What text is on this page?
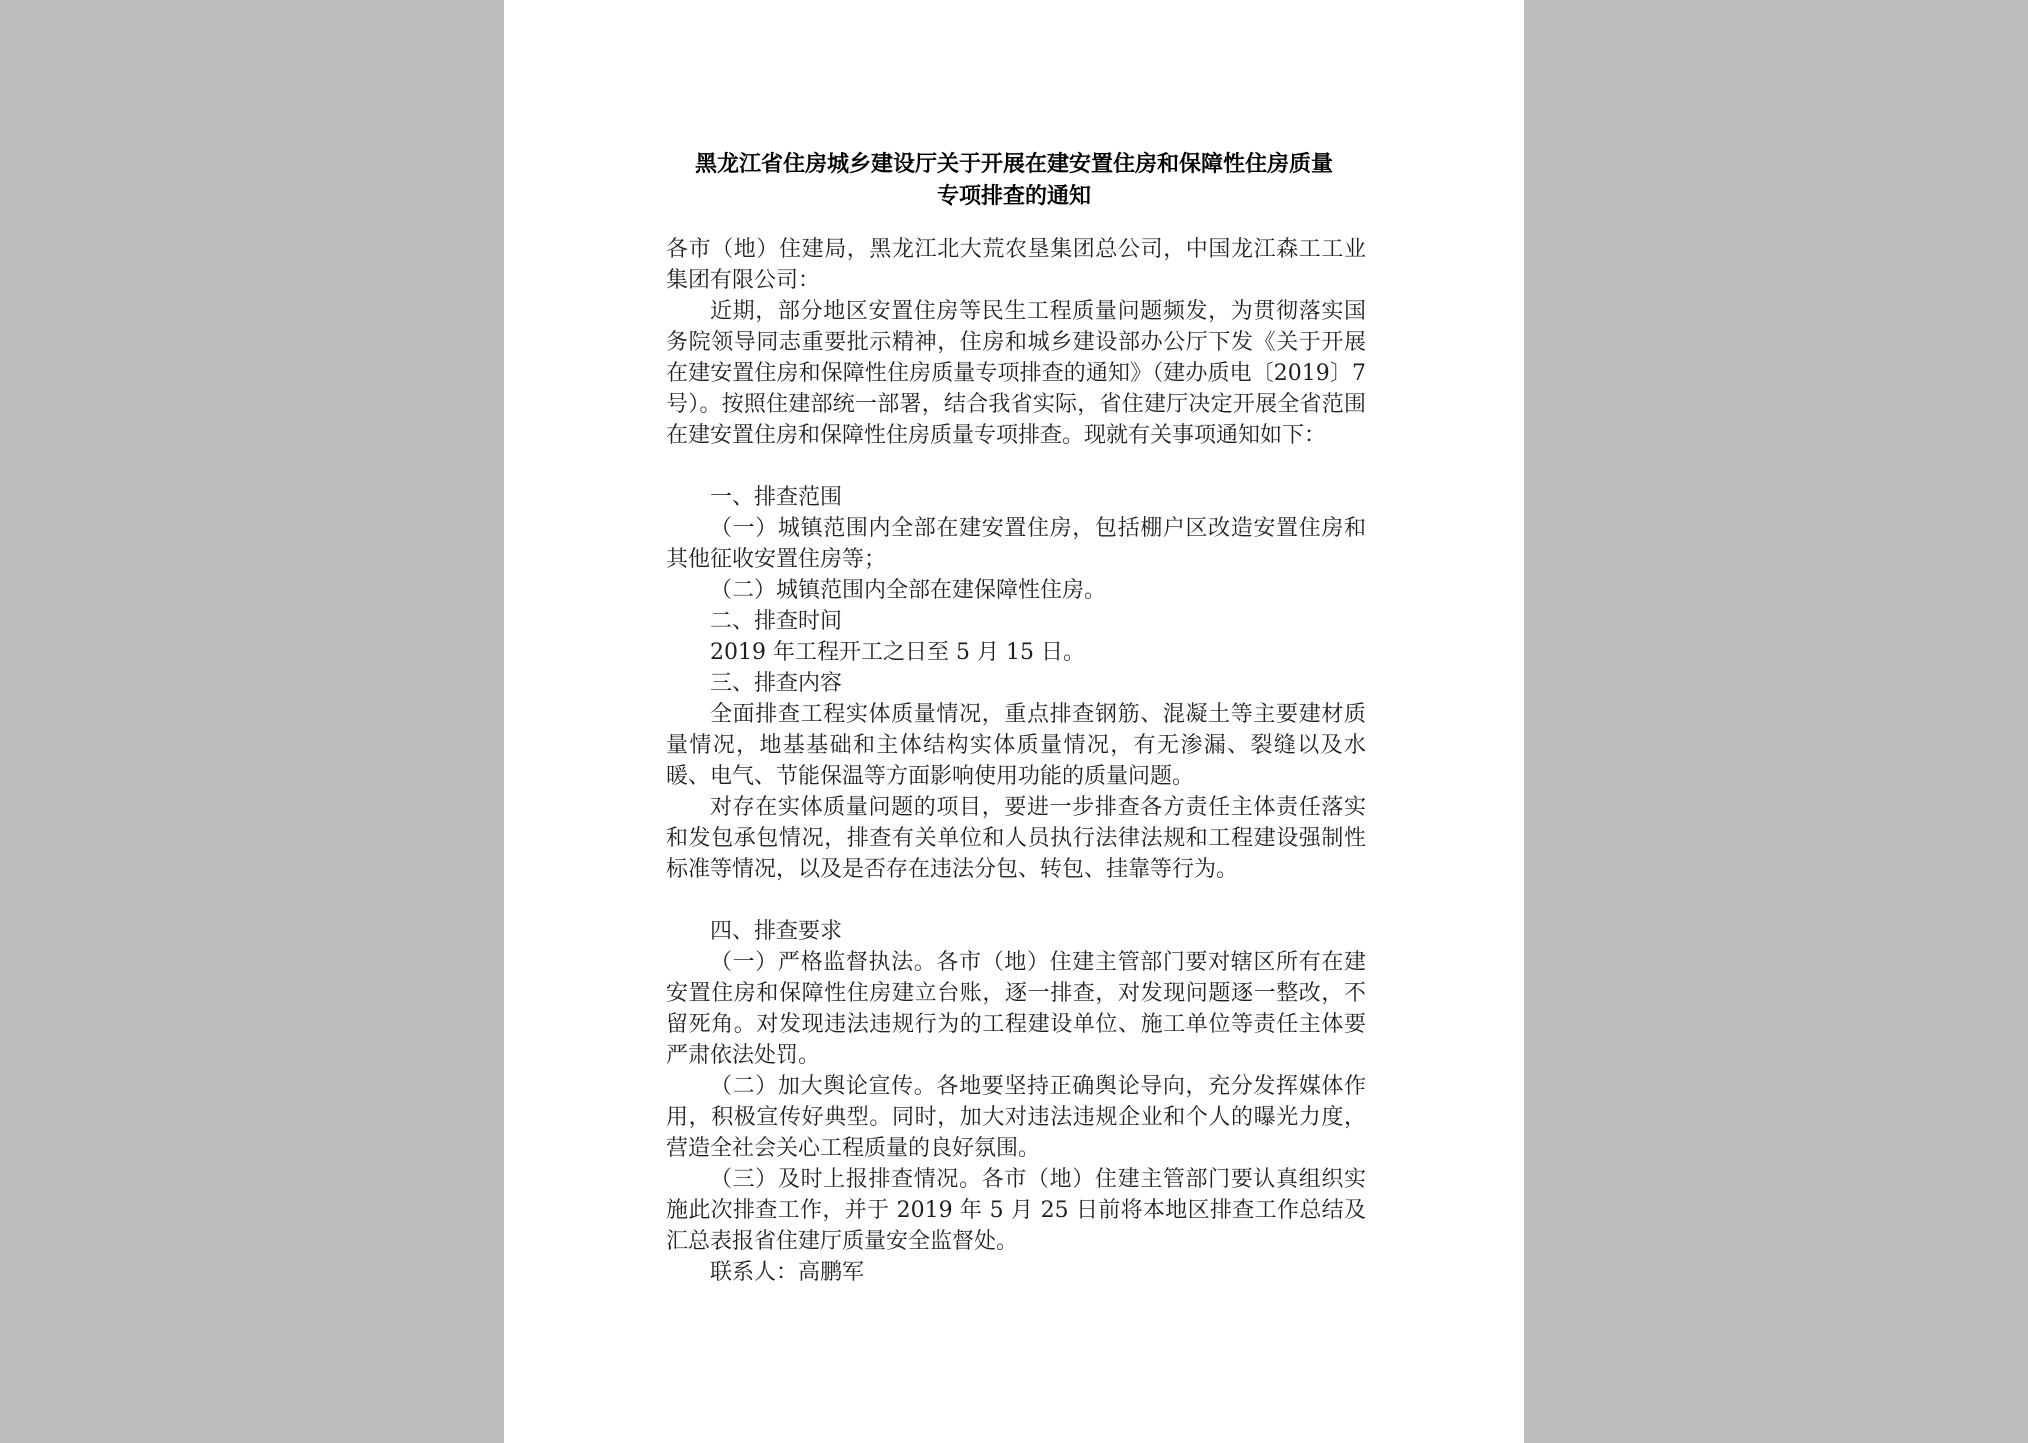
黑龙江省住房城乡建设厅关于开展在建安置住房和保障性住房质量
专项排查的通知

各市（地）住建局，黑龙江北大荒农垦集团总公司，中国龙江森工工业集团有限公司：

近期，部分地区安置住房等民生工程质量问题频发，为贯彻落实国务院领导同志重要批示精神，住房和城乡建设部办公厅下发《关于开展在建安置住房和保障性住房质量专项排查的通知》（建办质电〔2019〕7 号）。按照住建部统一部署，结合我省实际，省住建厅决定开展全省范围在建安置住房和保障性住房质量专项排查。现就有关事项通知如下：

一、排查范围

（一）城镇范围内全部在建安置住房，包括棚户区改造安置住房和其他征收安置住房等；

（二）城镇范围内全部在建保障性住房。

二、排查时间

2019 年工程开工之日至 5 月 15 日。

三、排查内容

全面排查工程实体质量情况，重点排查钢筋、混凝土等主要建材质量情况，地基基础和主体结构实体质量情况，有无渗漏、裂缝以及水暖、电气、节能保温等方面影响使用功能的质量问题。

对存在实体质量问题的项目，要进一步排查各方责任主体责任落实和发包承包情况，排查有关单位和人员执行法律法规和工程建设强制性标准等情况，以及是否存在违法分包、转包、挂靠等行为。

四、排查要求

（一）严格监督执法。各市（地）住建主管部门要对辖区所有在建安置住房和保障性住房建立台账，逐一排查，对发现问题逐一整改，不留死角。对发现违法违规行为的工程建设单位、施工单位等责任主体要严肃依法处罚。

（二）加大舆论宣传。各地要坚持正确舆论导向，充分发挥媒体作用，积极宣传好典型。同时，加大对违法违规企业和个人的曝光力度，营造全社会关心工程质量的良好氛围。

（三）及时上报排查情况。各市（地）住建主管部门要认真组织实施此次排查工作，并于 2019 年 5 月 25 日前将本地区排查工作总结及汇总表报省住建厅质量安全监督处。

联系人：高鹏军
